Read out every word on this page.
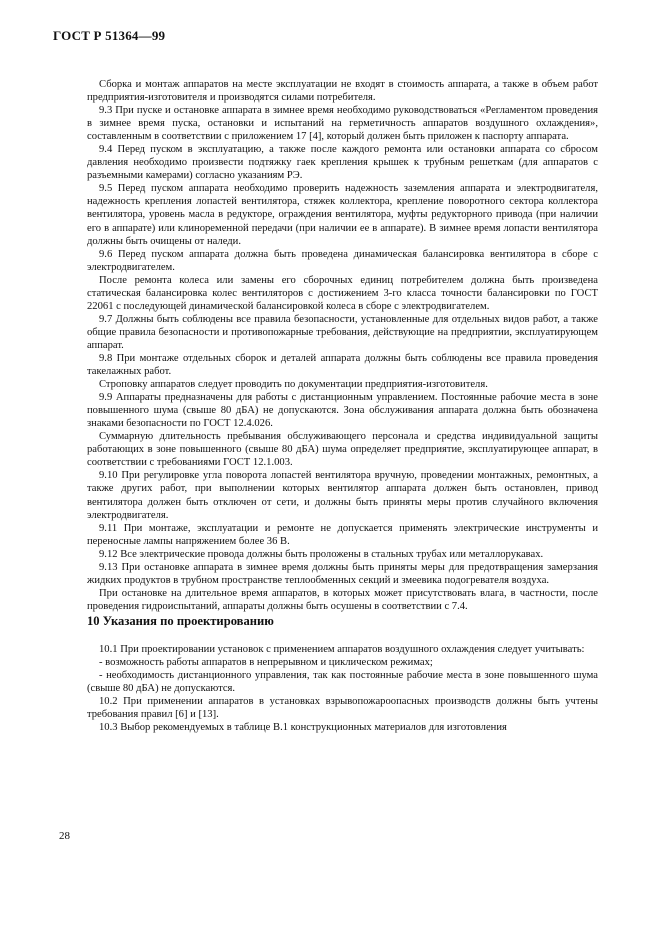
ГОСТ Р 51364—99

Сборка и монтаж аппаратов на месте эксплуатации не входят в стоимость аппарата, а также в объем работ предприятия-изготовителя и производятся силами потребителя.

9.3 При пуске и остановке аппарата в зимнее время необходимо руководствоваться «Регламентом проведения в зимнее время пуска, остановки и испытаний на герметичность аппаратов воздушного охлаждения», составленным в соответствии с приложением 17 [4], который должен быть приложен к паспорту аппарата.

9.4 Перед пуском в эксплуатацию, а также после каждого ремонта или остановки аппарата со сбросом давления необходимо произвести подтяжку гаек крепления крышек к трубным решеткам (для аппаратов с разъемными камерами) согласно указаниям РЭ.

9.5 Перед пуском аппарата необходимо проверить надежность заземления аппарата и электродвигателя, надежность крепления лопастей вентилятора, стяжек коллектора, крепление поворотного сектора коллектора вентилятора, уровень масла в редукторе, ограждения вентилятора, муфты редукторного привода (при наличии его в аппарате) или клиноременной передачи (при наличии ее в аппарате). В зимнее время лопасти вентилятора должны быть очищены от наледи.

9.6 Перед пуском аппарата должна быть проведена динамическая балансировка вентилятора в сборе с электродвигателем.

После ремонта колеса или замены его сборочных единиц потребителем должна быть произведена статическая балансировка колес вентиляторов с достижением 3-го класса точности балансировки по ГОСТ 22061 с последующей динамической балансировкой колеса в сборе с электродвигателем.

9.7 Должны быть соблюдены все правила безопасности, установленные для отдельных видов работ, а также общие правила безопасности и противопожарные требования, действующие на предприятии, эксплуатирующем аппарат.

9.8 При монтаже отдельных сборок и деталей аппарата должны быть соблюдены все правила проведения такелажных работ.

Строповку аппаратов следует проводить по документации предприятия-изготовителя.

9.9 Аппараты предназначены для работы с дистанционным управлением. Постоянные рабочие места в зоне повышенного шума (свыше 80 дБА) не допускаются. Зона обслуживания аппарата должна быть обозначена знаками безопасности по ГОСТ 12.4.026.

Суммарную длительность пребывания обслуживающего персонала и средства индивидуальной защиты работающих в зоне повышенного (свыше 80 дБА) шума определяет предприятие, эксплуатирующее аппарат, в соответствии с требованиями ГОСТ 12.1.003.

9.10 При регулировке угла поворота лопастей вентилятора вручную, проведении монтажных, ремонтных, а также других работ, при выполнении которых вентилятор аппарата должен быть остановлен, привод вентилятора должен быть отключен от сети, и должны быть приняты меры против случайного включения электродвигателя.

9.11 При монтаже, эксплуатации и ремонте не допускается применять электрические инструменты и переносные лампы напряжением более 36 В.

9.12 Все электрические провода должны быть проложены в стальных трубах или металлорукавах.

9.13 При остановке аппарата в зимнее время должны быть приняты меры для предотвращения замерзания жидких продуктов в трубном пространстве теплообменных секций и змеевика подогревателя воздуха.

При остановке на длительное время аппаратов, в которых может присутствовать влага, в частности, после проведения гидроиспытаний, аппараты должны быть осушены в соответствии с 7.4.

10 Указания по проектированию

10.1 При проектировании установок с применением аппаратов воздушного охлаждения следует учитывать:

- возможность работы аппаратов в непрерывном и циклическом режимах;

- необходимость дистанционного управления, так как постоянные рабочие места в зоне повышенного шума (свыше 80 дБА) не допускаются.

10.2 При применении аппаратов в установках взрывопожароопасных производств должны быть учтены требования правил [6] и [13].

10.3 Выбор рекомендуемых в таблице В.1 конструкционных материалов для изготовления

28
